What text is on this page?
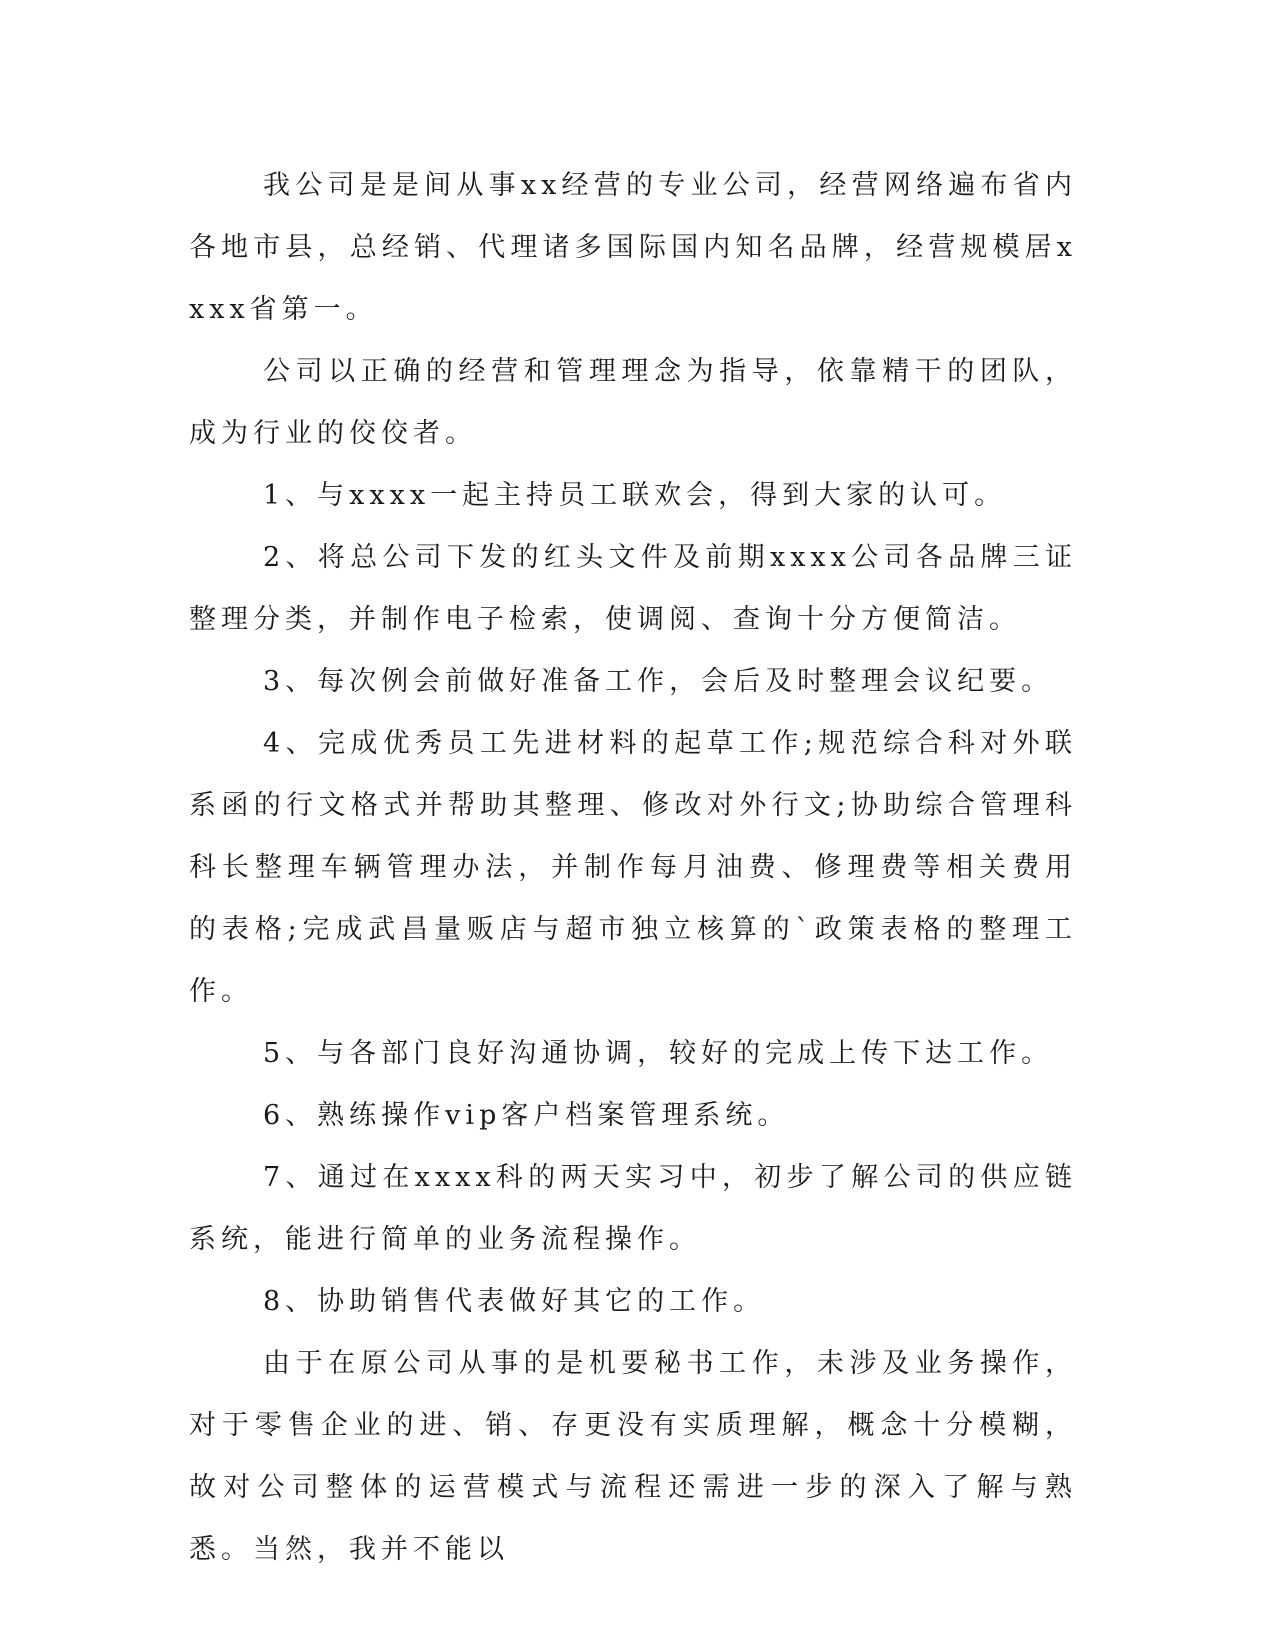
我公司是是间从事xx经营的专业公司，经营网络遍布省内各地市县，总经销、代理诸多国际国内知名品牌，经营规模居xxxx省第一。

公司以正确的经营和管理理念为指导，依靠精干的团队，成为行业的佼佼者。

1、与xxxx一起主持员工联欢会，得到大家的认可。

2、将总公司下发的红头文件及前期xxxx公司各品牌三证整理分类，并制作电子检索，使调阅、查询十分方便简洁。

3、每次例会前做好准备工作，会后及时整理会议纪要。

4、完成优秀员工先进材料的起草工作;规范综合科对外联系函的行文格式并帮助其整理、修改对外行文;协助综合管理科科长整理车辆管理办法，并制作每月油费、修理费等相关费用的表格;完成武昌量贩店与超市独立核算的`政策表格的整理工作。

5、与各部门良好沟通协调，较好的完成上传下达工作。

6、熟练操作vip客户档案管理系统。

7、通过在xxxx科的两天实习中，初步了解公司的供应链系统，能进行简单的业务流程操作。

8、协助销售代表做好其它的工作。

由于在原公司从事的是机要秘书工作，未涉及业务操作，对于零售企业的进、销、存更没有实质理解，概念十分模糊，故对公司整体的运营模式与流程还需进一步的深入了解与熟悉。当然，我并不能以
